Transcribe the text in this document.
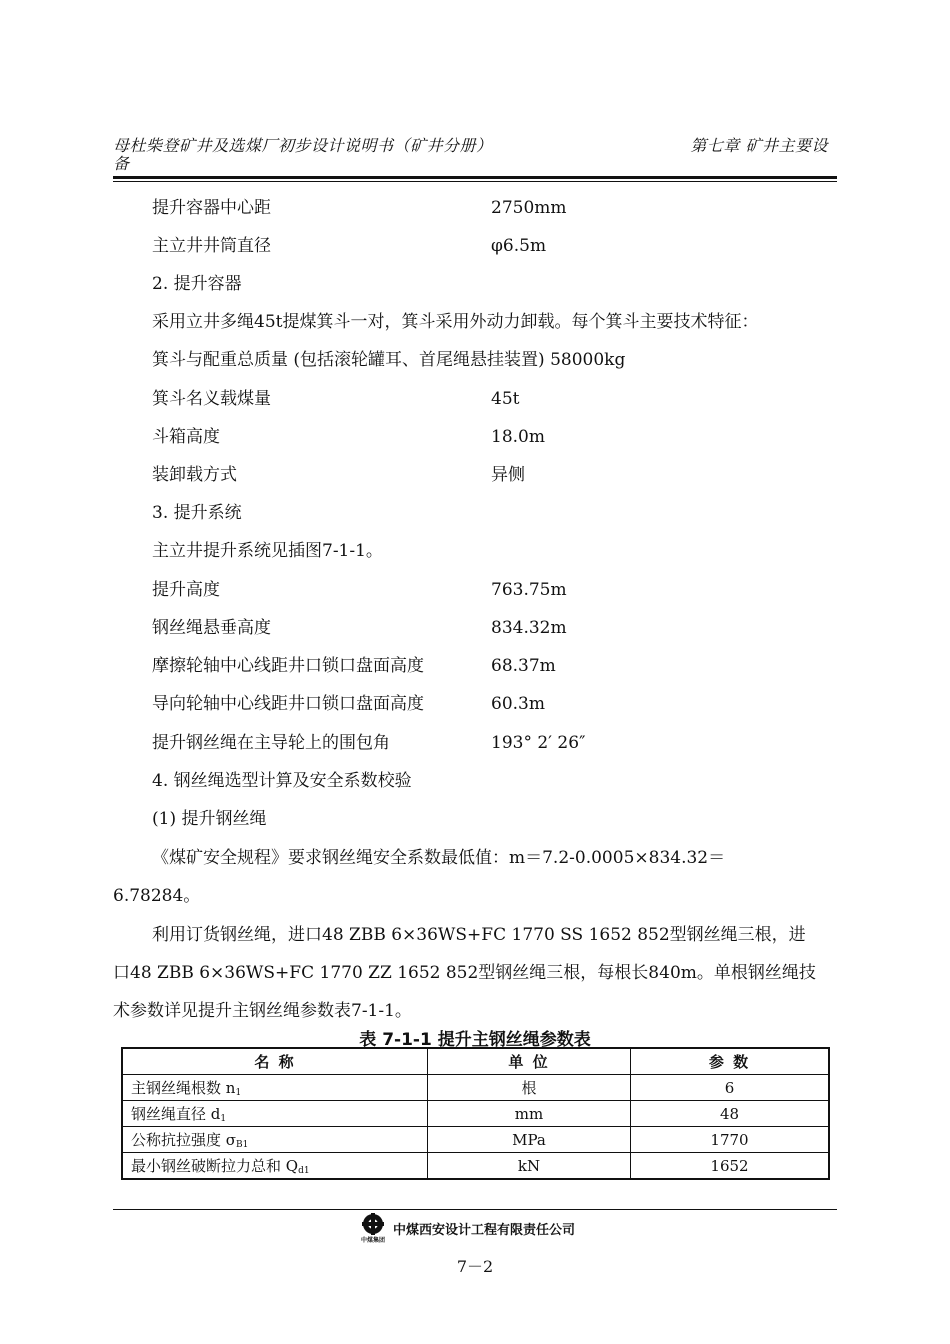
母杜柴登矿井及选煤厂初步设计说明书（矿井分册）
备
第七章 矿井主要设
提升容器中心距	2750mm
主立井井筒直径	φ6.5m
2. 提升容器
采用立井多绳45t提煤箕斗一对，箕斗采用外动力卸载。每个箕斗主要技术特征：
箕斗与配重总质量 (包括滚轮罐耳、首尾绳悬挂装置) 58000kg
箕斗名义载煤量	45t
斗箱高度	18.0m
装卸载方式	异侧
3. 提升系统
主立井提升系统见插图7-1-1。
提升高度	763.75m
钢丝绳悬垂高度	834.32m
摩擦轮轴中心线距井口锁口盘面高度	68.37m
导向轮轴中心线距井口锁口盘面高度	60.3m
提升钢丝绳在主导轮上的围包角	193° 2′ 26″
4. 钢丝绳选型计算及安全系数校验
(1) 提升钢丝绳
《煤矿安全规程》要求钢丝绳安全系数最低值：m＝7.2-0.0005×834.32＝
6.78284。
利用订货钢丝绳，进口48 ZBB 6×36WS+FC 1770 SS 1652 852型钢丝绳三根，进
口48 ZBB 6×36WS+FC 1770 ZZ 1652 852型钢丝绳三根，每根长840m。单根钢丝绳技
术参数详见提升主钢丝绳参数表7-1-1。
表 7-1-1 提升主钢丝绳参数表
名 称	单 位	参 数
主钢丝绳根数 $n_1$	根	6
钢丝绳直径 $d_1$	mm	48
公称抗拉强度 $\sigma_{B1}$	MPa	1770
最小钢丝破断拉力总和 $Q_{d1}$	kN	1652
中煤集团
中煤西安设计工程有限责任公司
7－2
